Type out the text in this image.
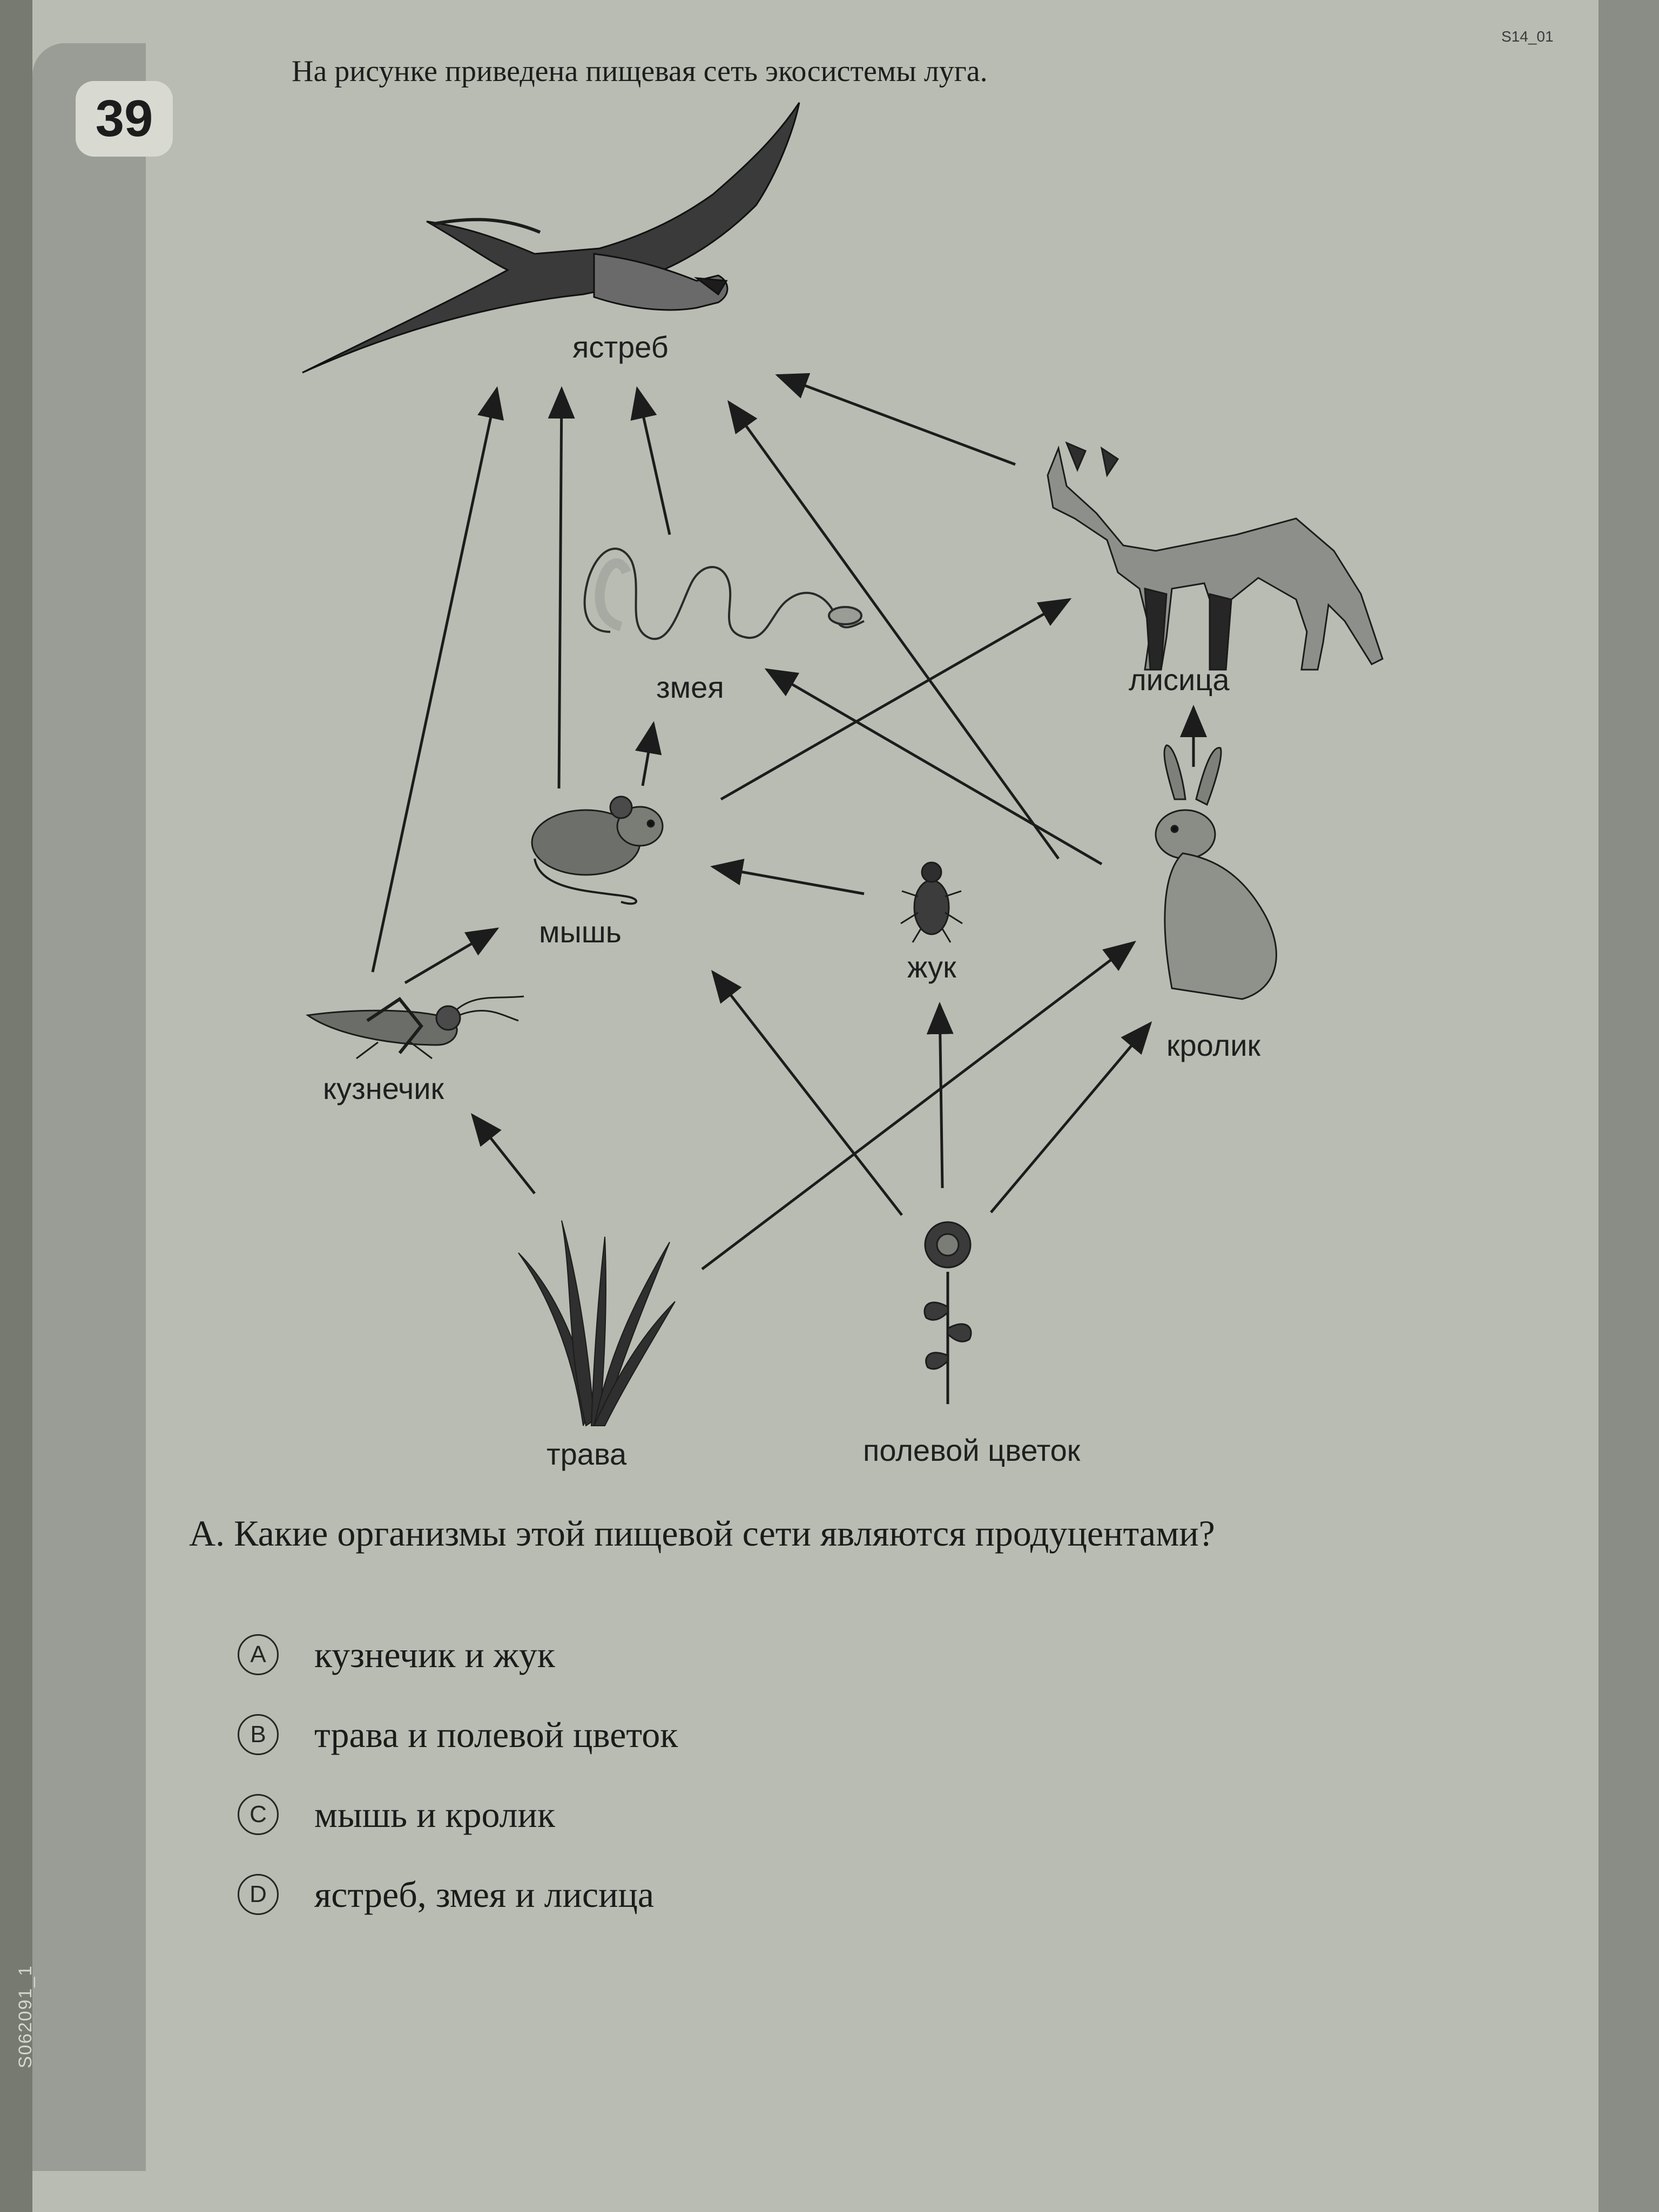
39
S062091_1
S14_01
На рисунке приведена пищевая сеть экосистемы луга.
ястреб
змея	лисица
мышь
жук
кролик
кузнечик
трава	полевой цветок
А. Какие организмы этой пищевой сети являются продуцентами?
A	кузнечик и жук
B	трава и полевой цветок
C	мышь и кролик
D	ястреб, змея и лисица
